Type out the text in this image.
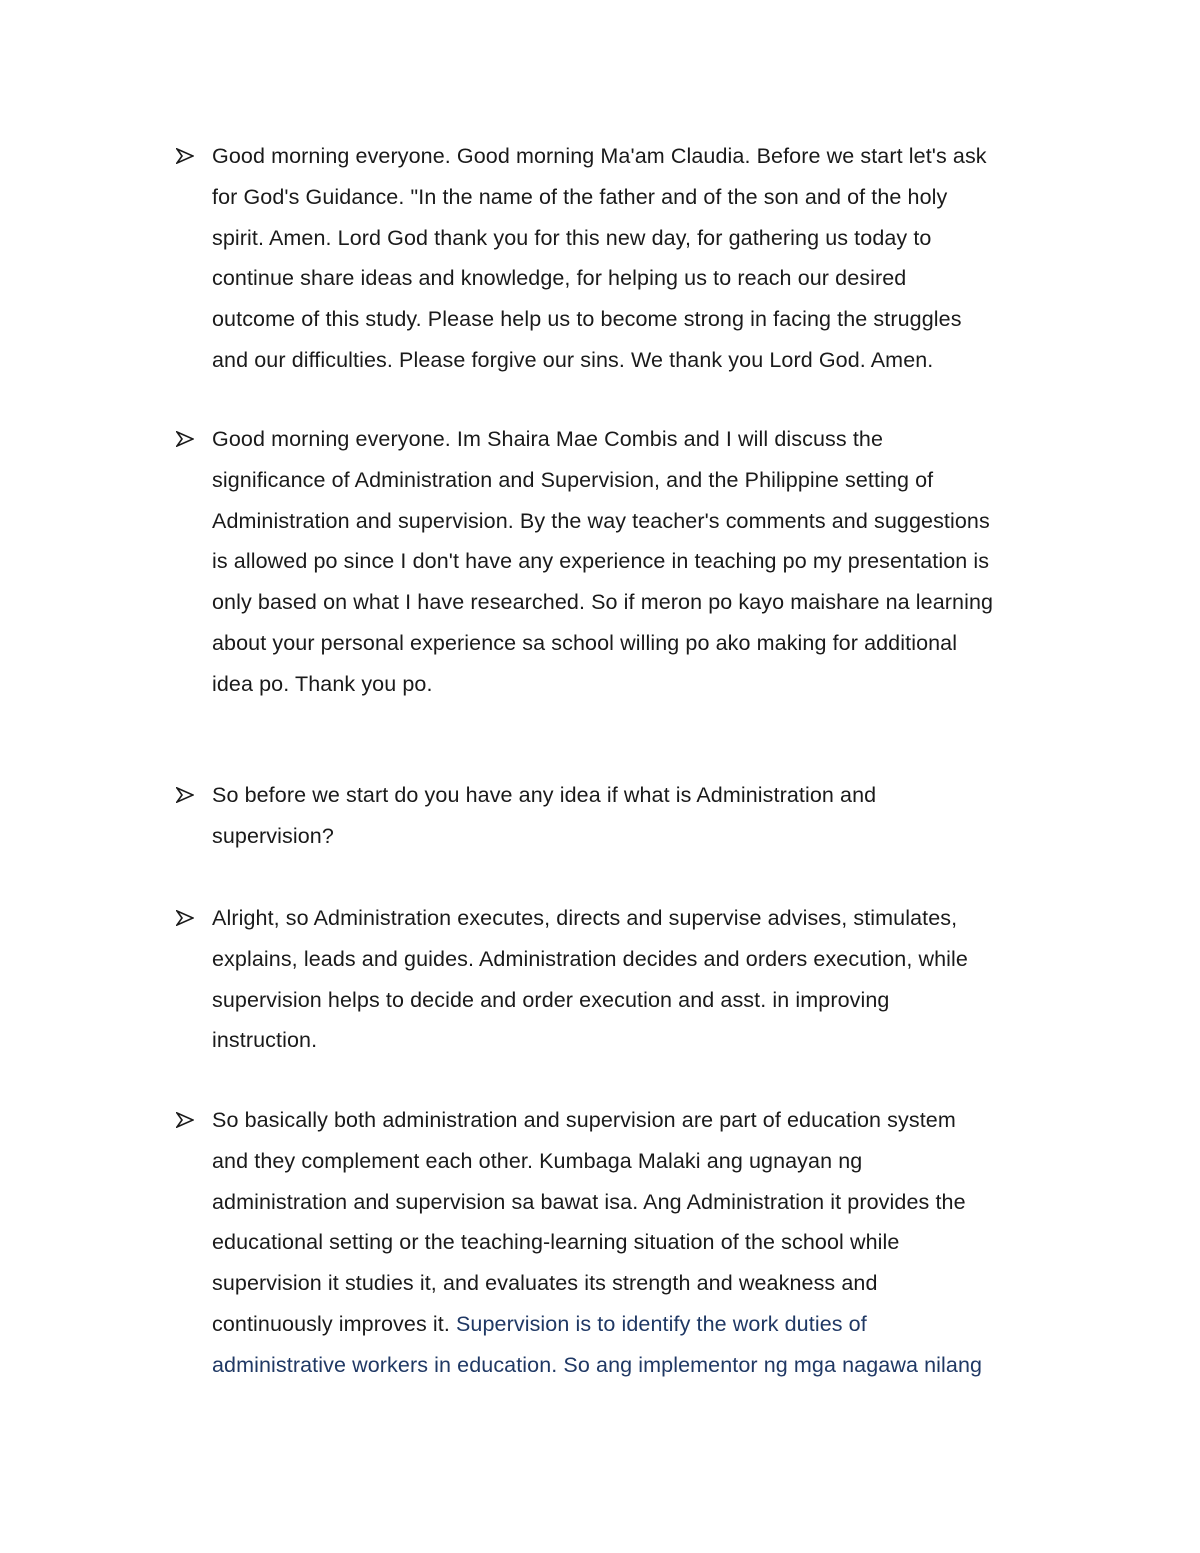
Good morning everyone. Good morning Ma'am Claudia. Before we start let's ask
for God's Guidance. "In the name of the father and of the son and of the holy
spirit. Amen. Lord God thank you for this new day, for gathering us today to
continue share ideas and knowledge, for helping us to reach our desired
outcome of this study. Please help us to become strong in facing the struggles
and our difficulties. Please forgive our sins. We thank you Lord God. Amen.
Good morning everyone. Im Shaira Mae Combis and I will discuss the
significance of Administration and Supervision, and the Philippine setting of
Administration and supervision. By the way teacher's comments and suggestions
is allowed po since I don't have any experience in teaching po my presentation is
only based on what I have researched. So if meron po kayo maishare na learning
about your personal experience sa school willing po ako making for additional
idea po. Thank you po.
So before we start do you have any idea if what is Administration and
supervision?
Alright, so Administration executes, directs and supervise advises, stimulates,
explains, leads and guides. Administration decides and orders execution, while
supervision helps to decide and order execution and asst. in improving
instruction.
So basically both administration and supervision are part of education system
and they complement each other. Kumbaga Malaki ang ugnayan ng
administration and supervision sa bawat isa. Ang Administration it provides the
educational setting or the teaching-learning situation of the school while
supervision it studies it, and evaluates its strength and weakness and
continuously improves it. Supervision is to identify the work duties of
administrative workers in education. So ang implementor ng mga nagawa nilang
